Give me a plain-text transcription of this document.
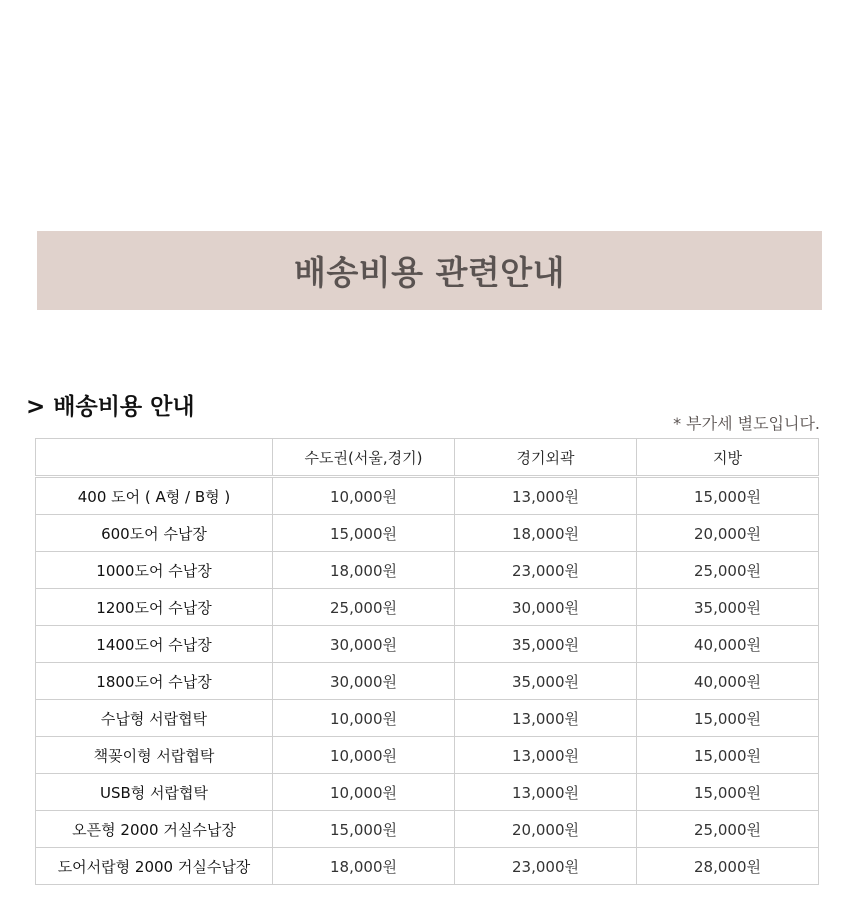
배송비용 관련안내
> 배송비용 안내
* 부가세 별도입니다.
	수도권(서울,경기)	경기외곽	지방
400 도어 ( A형 / B형 )	10,000원	13,000원	15,000원
600도어 수납장	15,000원	18,000원	20,000원
1000도어 수납장	18,000원	23,000원	25,000원
1200도어 수납장	25,000원	30,000원	35,000원
1400도어 수납장	30,000원	35,000원	40,000원
1800도어 수납장	30,000원	35,000원	40,000원
수납형 서랍협탁	10,000원	13,000원	15,000원
책꽂이형 서랍협탁	10,000원	13,000원	15,000원
USB형 서랍협탁	10,000원	13,000원	15,000원
오픈형 2000 거실수납장	15,000원	20,000원	25,000원
도어서랍형 2000 거실수납장	18,000원	23,000원	28,000원
